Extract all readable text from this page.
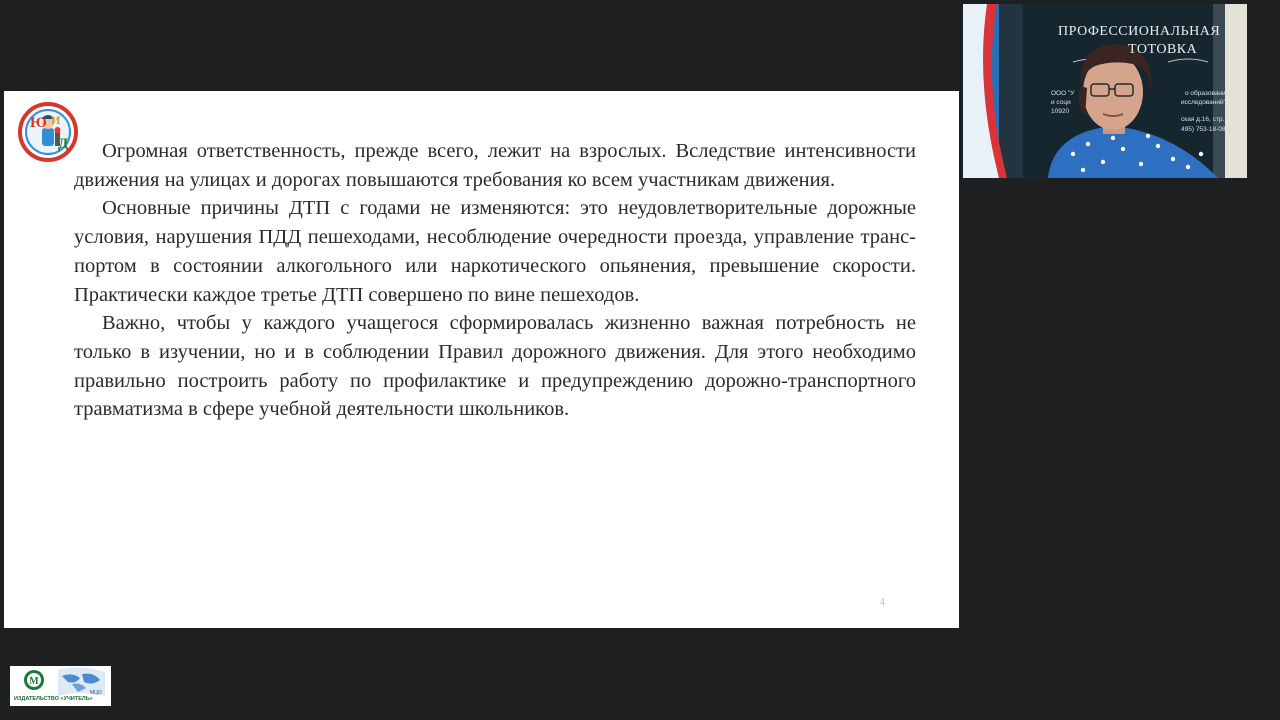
Ю И
Д	Огромная ответственность, прежде всего, лежит на взрослых. Вследствие интенсивности движения на улицах и дорогах повышаются требования ко всем участникам движения.

Основные причины ДТП с годами не изменяются: это неудовлетворительные дорожные условия, нарушения ПДД пешеходами, несоблюдение очередности проезда, управление транс-портом в состоянии алкогольного или наркотического опьянения, превышение скорости. Практически каждое третье ДТП совершено по вине пешеходов.

Важно, чтобы у каждого учащегося сформировалась жизненно важная потребность не только в изучении, но и в соблюдении Правил дорожного движения. Для этого необходимо правильно построить работу по профилактике и предупреждению дорожно-транспортного травматизма в сфере учебной деятельности школьников.

4
ПРОФЕССИОНАЛЬНАЯ
ТОТОВКА
ООО "У	о образования
и соци	исследований"
10920
ская д.16, стр. 1
495) 753-18-08
М
МЦО
ИЗДАТЕЛЬСТВО «УЧИТЕЛЬ»
